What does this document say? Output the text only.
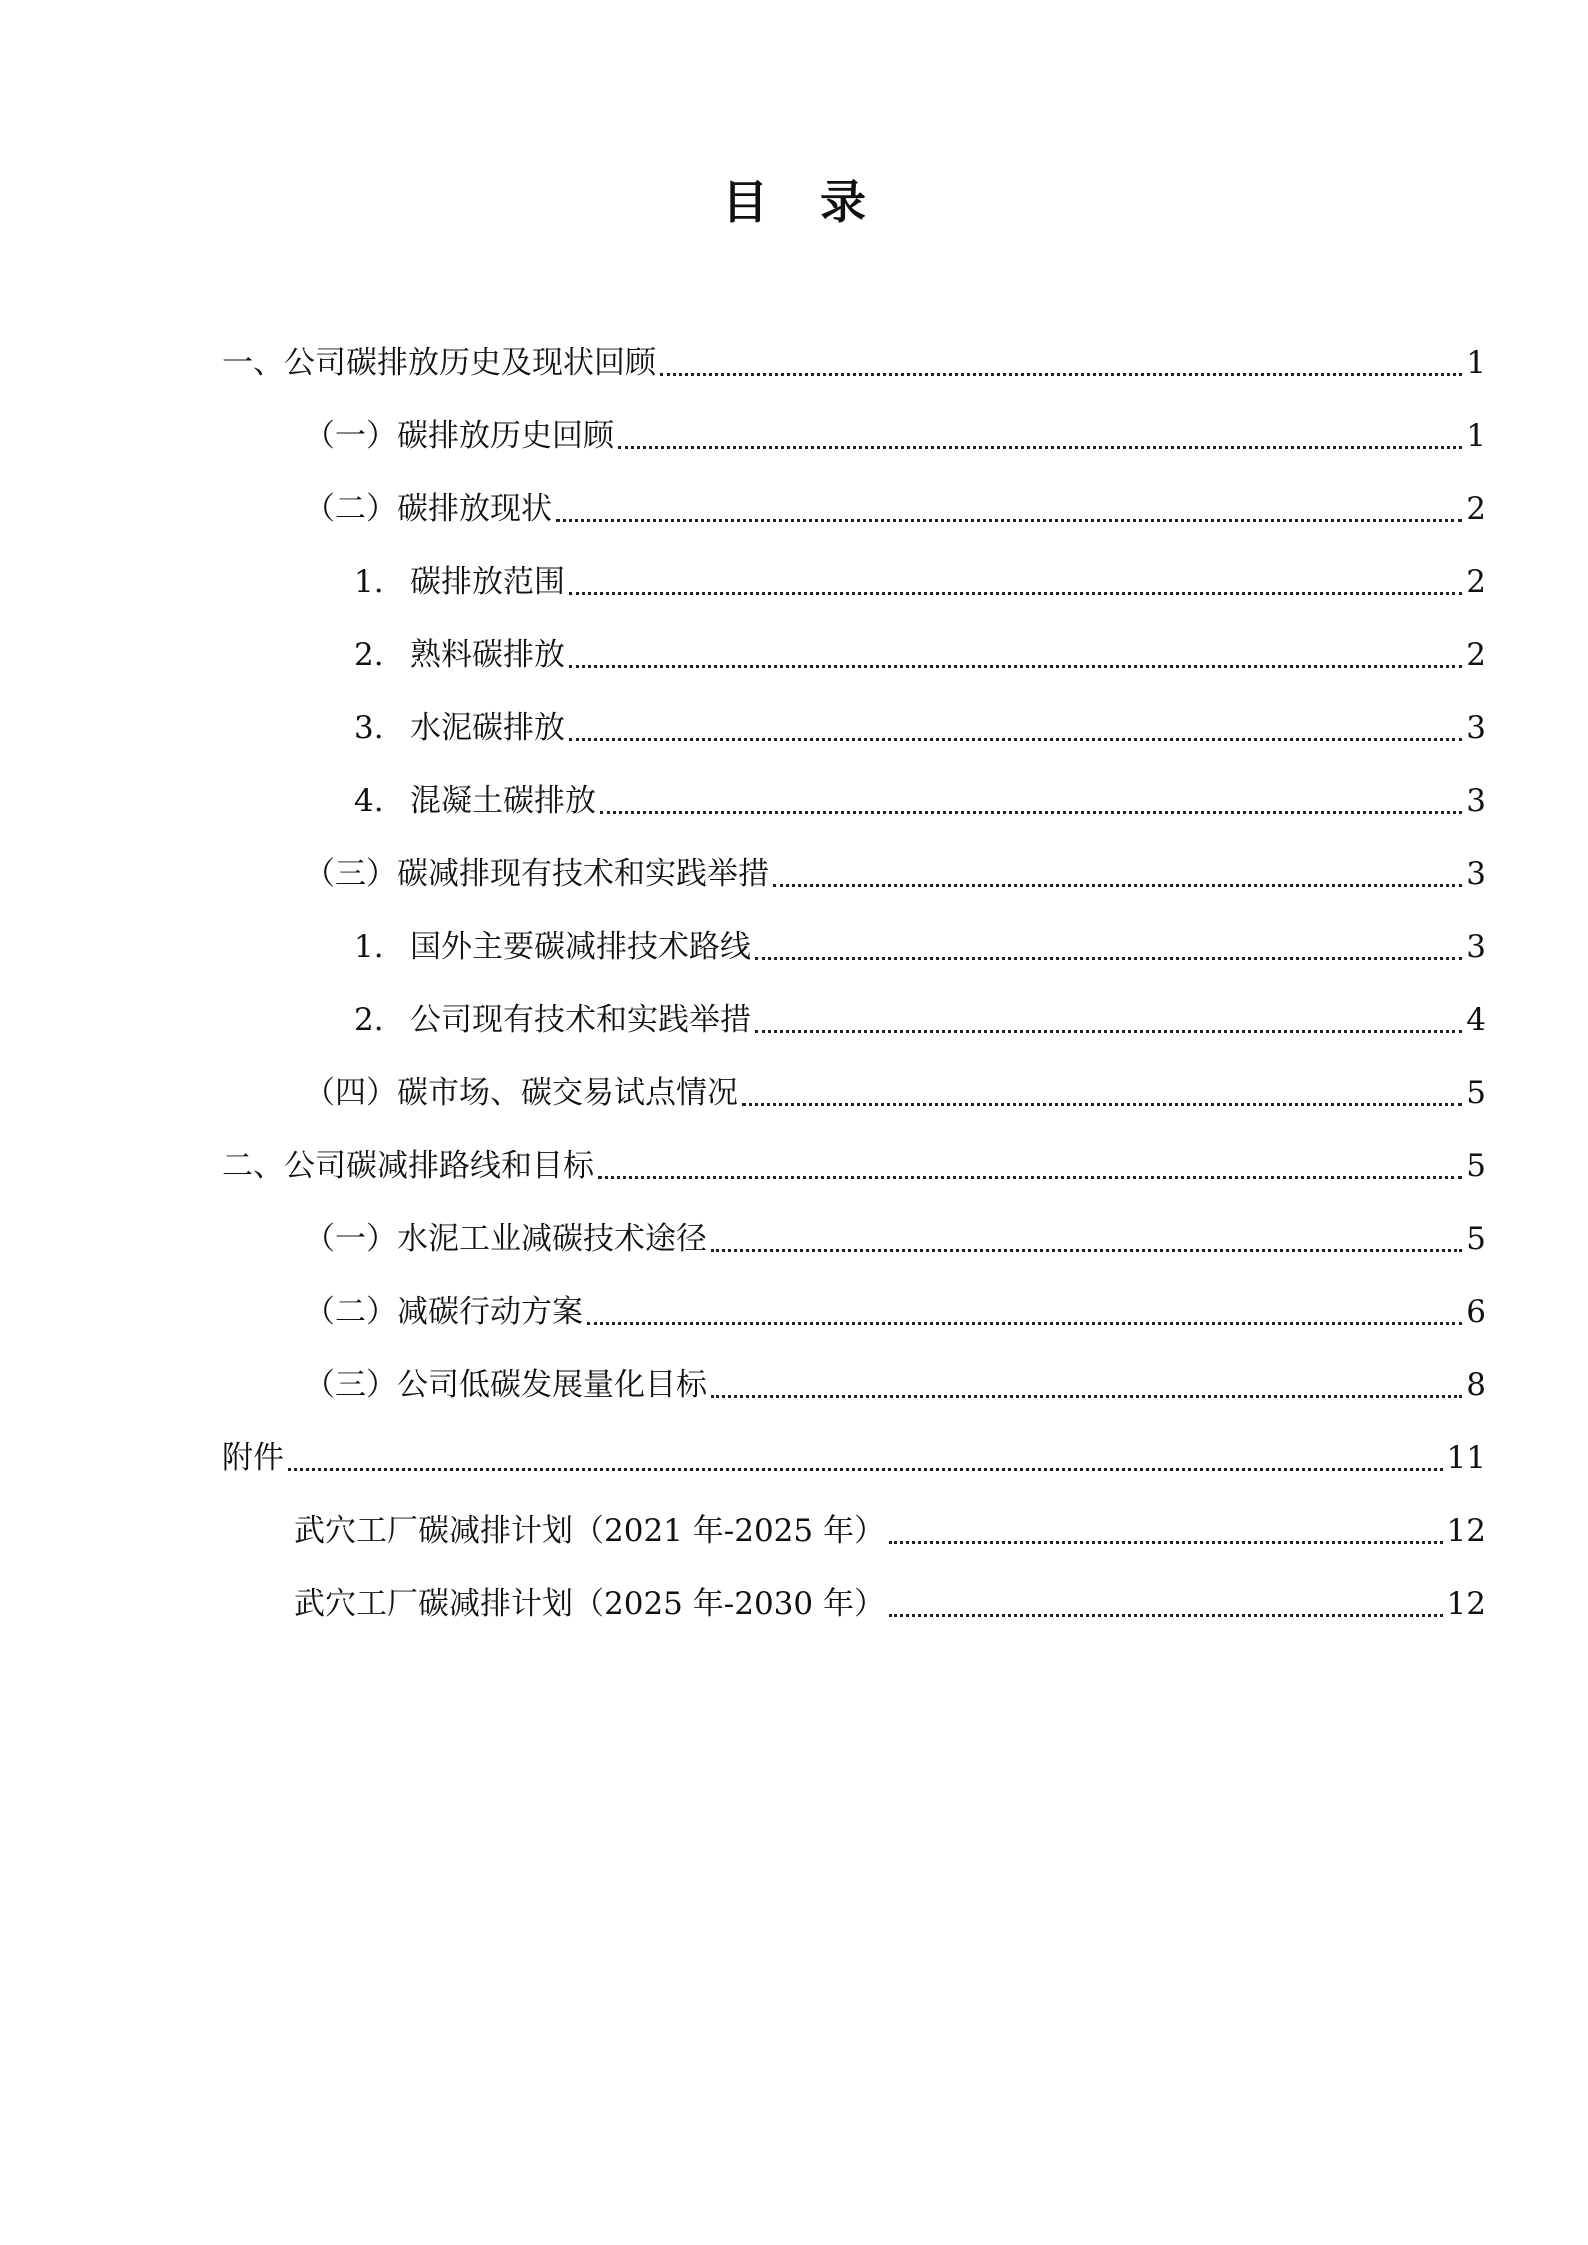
目 录
一、公司碳排放历史及现状回顾	1
（一）碳排放历史回顾	1
（二）碳排放现状	2
1. 碳排放范围	2
2. 熟料碳排放	2
3. 水泥碳排放	3
4. 混凝土碳排放	3
（三）碳减排现有技术和实践举措	3
1. 国外主要碳减排技术路线	3
2. 公司现有技术和实践举措	4
（四）碳市场、碳交易试点情况	5
二、公司碳减排路线和目标	5
（一）水泥工业减碳技术途径	5
（二）减碳行动方案	6
（三）公司低碳发展量化目标	8
附件	11
武穴工厂碳减排计划（2021 年-2025 年）	12
武穴工厂碳减排计划（2025 年-2030 年）	12
